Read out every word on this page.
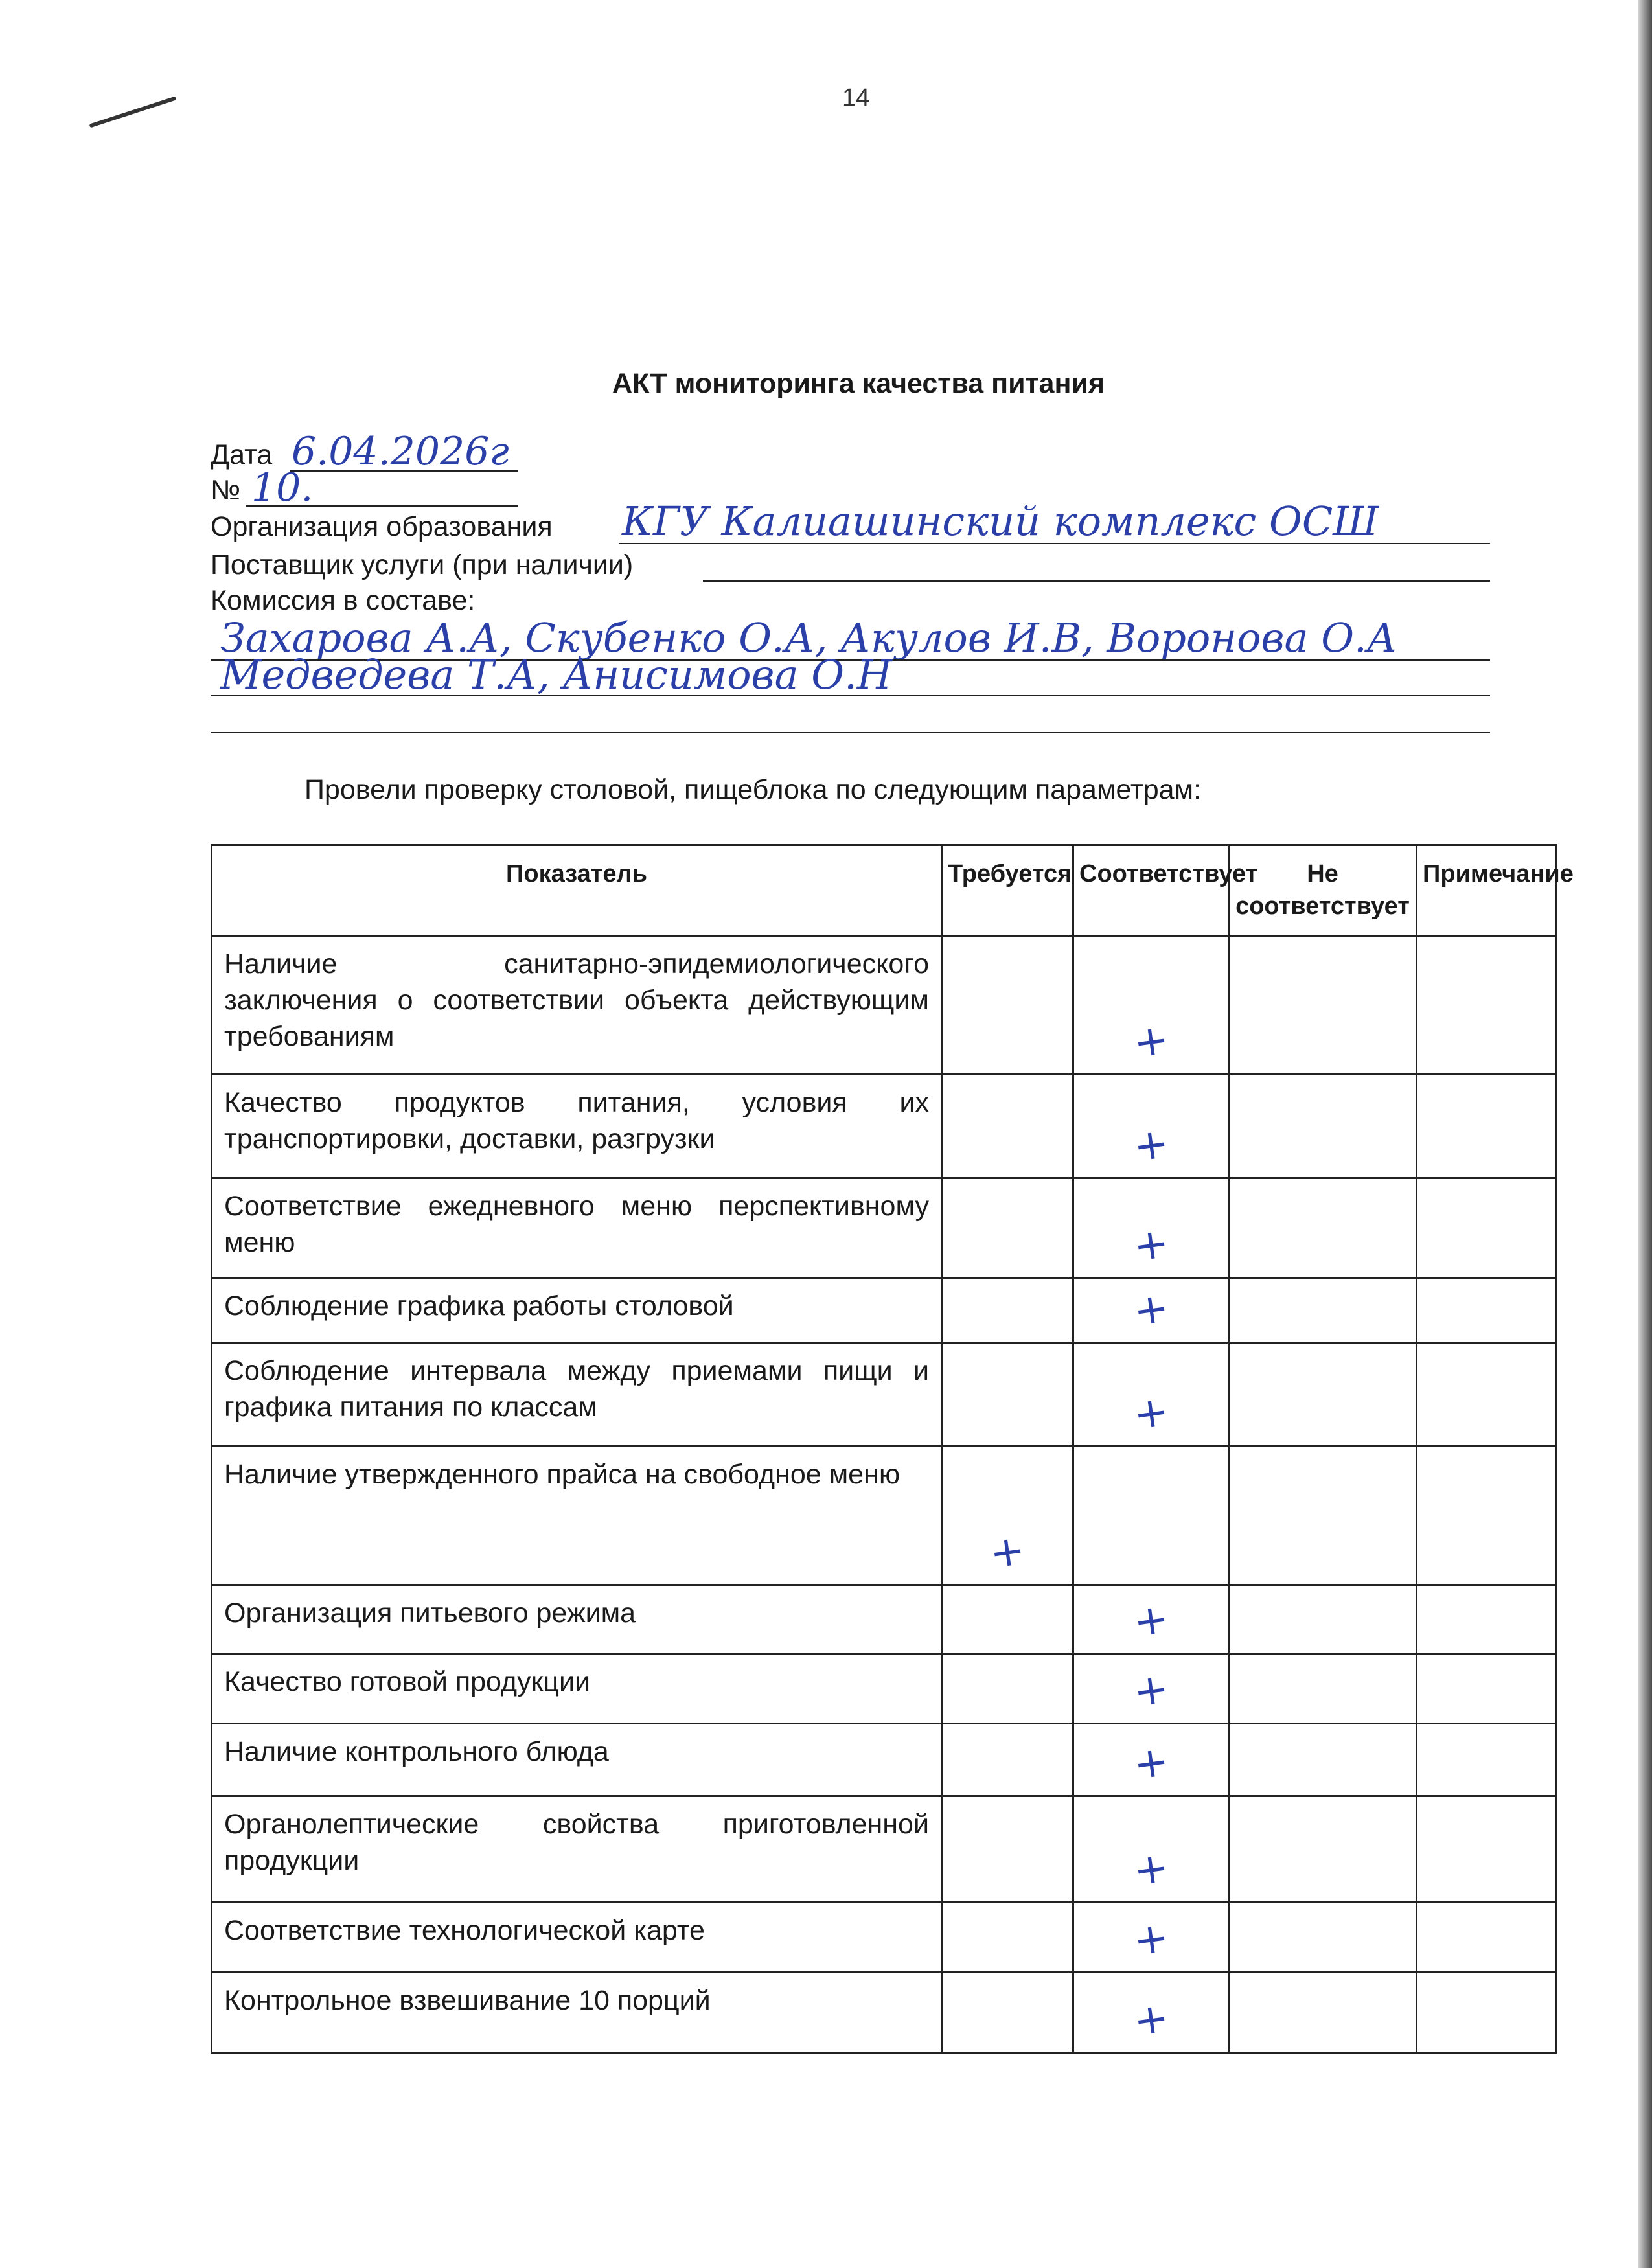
14
АКТ мониторинга качества питания
Дата 6.04.2026г
№ 10.
Организация образования КГУ Калиашинский комплекс ОСШ
Поставщик услуги (при наличии)
Комиссия в составе:
Захарова А.А, Скубенко О.А, Акулов И.В, Воронова О.А
Медведева Т.А, Анисимова О.Н
Провели проверку столовой, пищеблока по следующим параметрам:
Показатель	Требуется	Соответствует	Не соответствует	Примечание
Наличие санитарно-эпидемиологического заключения о соответствии объекта действующим требованиям		+		

Качество продуктов питания, условия их транспортировки, доставки, разгрузки		+		

Соответствие ежедневного меню перспективному меню		+		

Соблюдение графика работы столовой		+		

Соблюдение интервала между приемами пищи и графика питания по классам		+		

Наличие утвержденного прайса на свободное меню	+			

Организация питьевого режима		+		

Качество готовой продукции		+		

Наличие контрольного блюда		+		

Органолептические свойства приготовленной продукции		+		

Соответствие технологической карте		+		

Контрольное взвешивание 10 порций		+		
